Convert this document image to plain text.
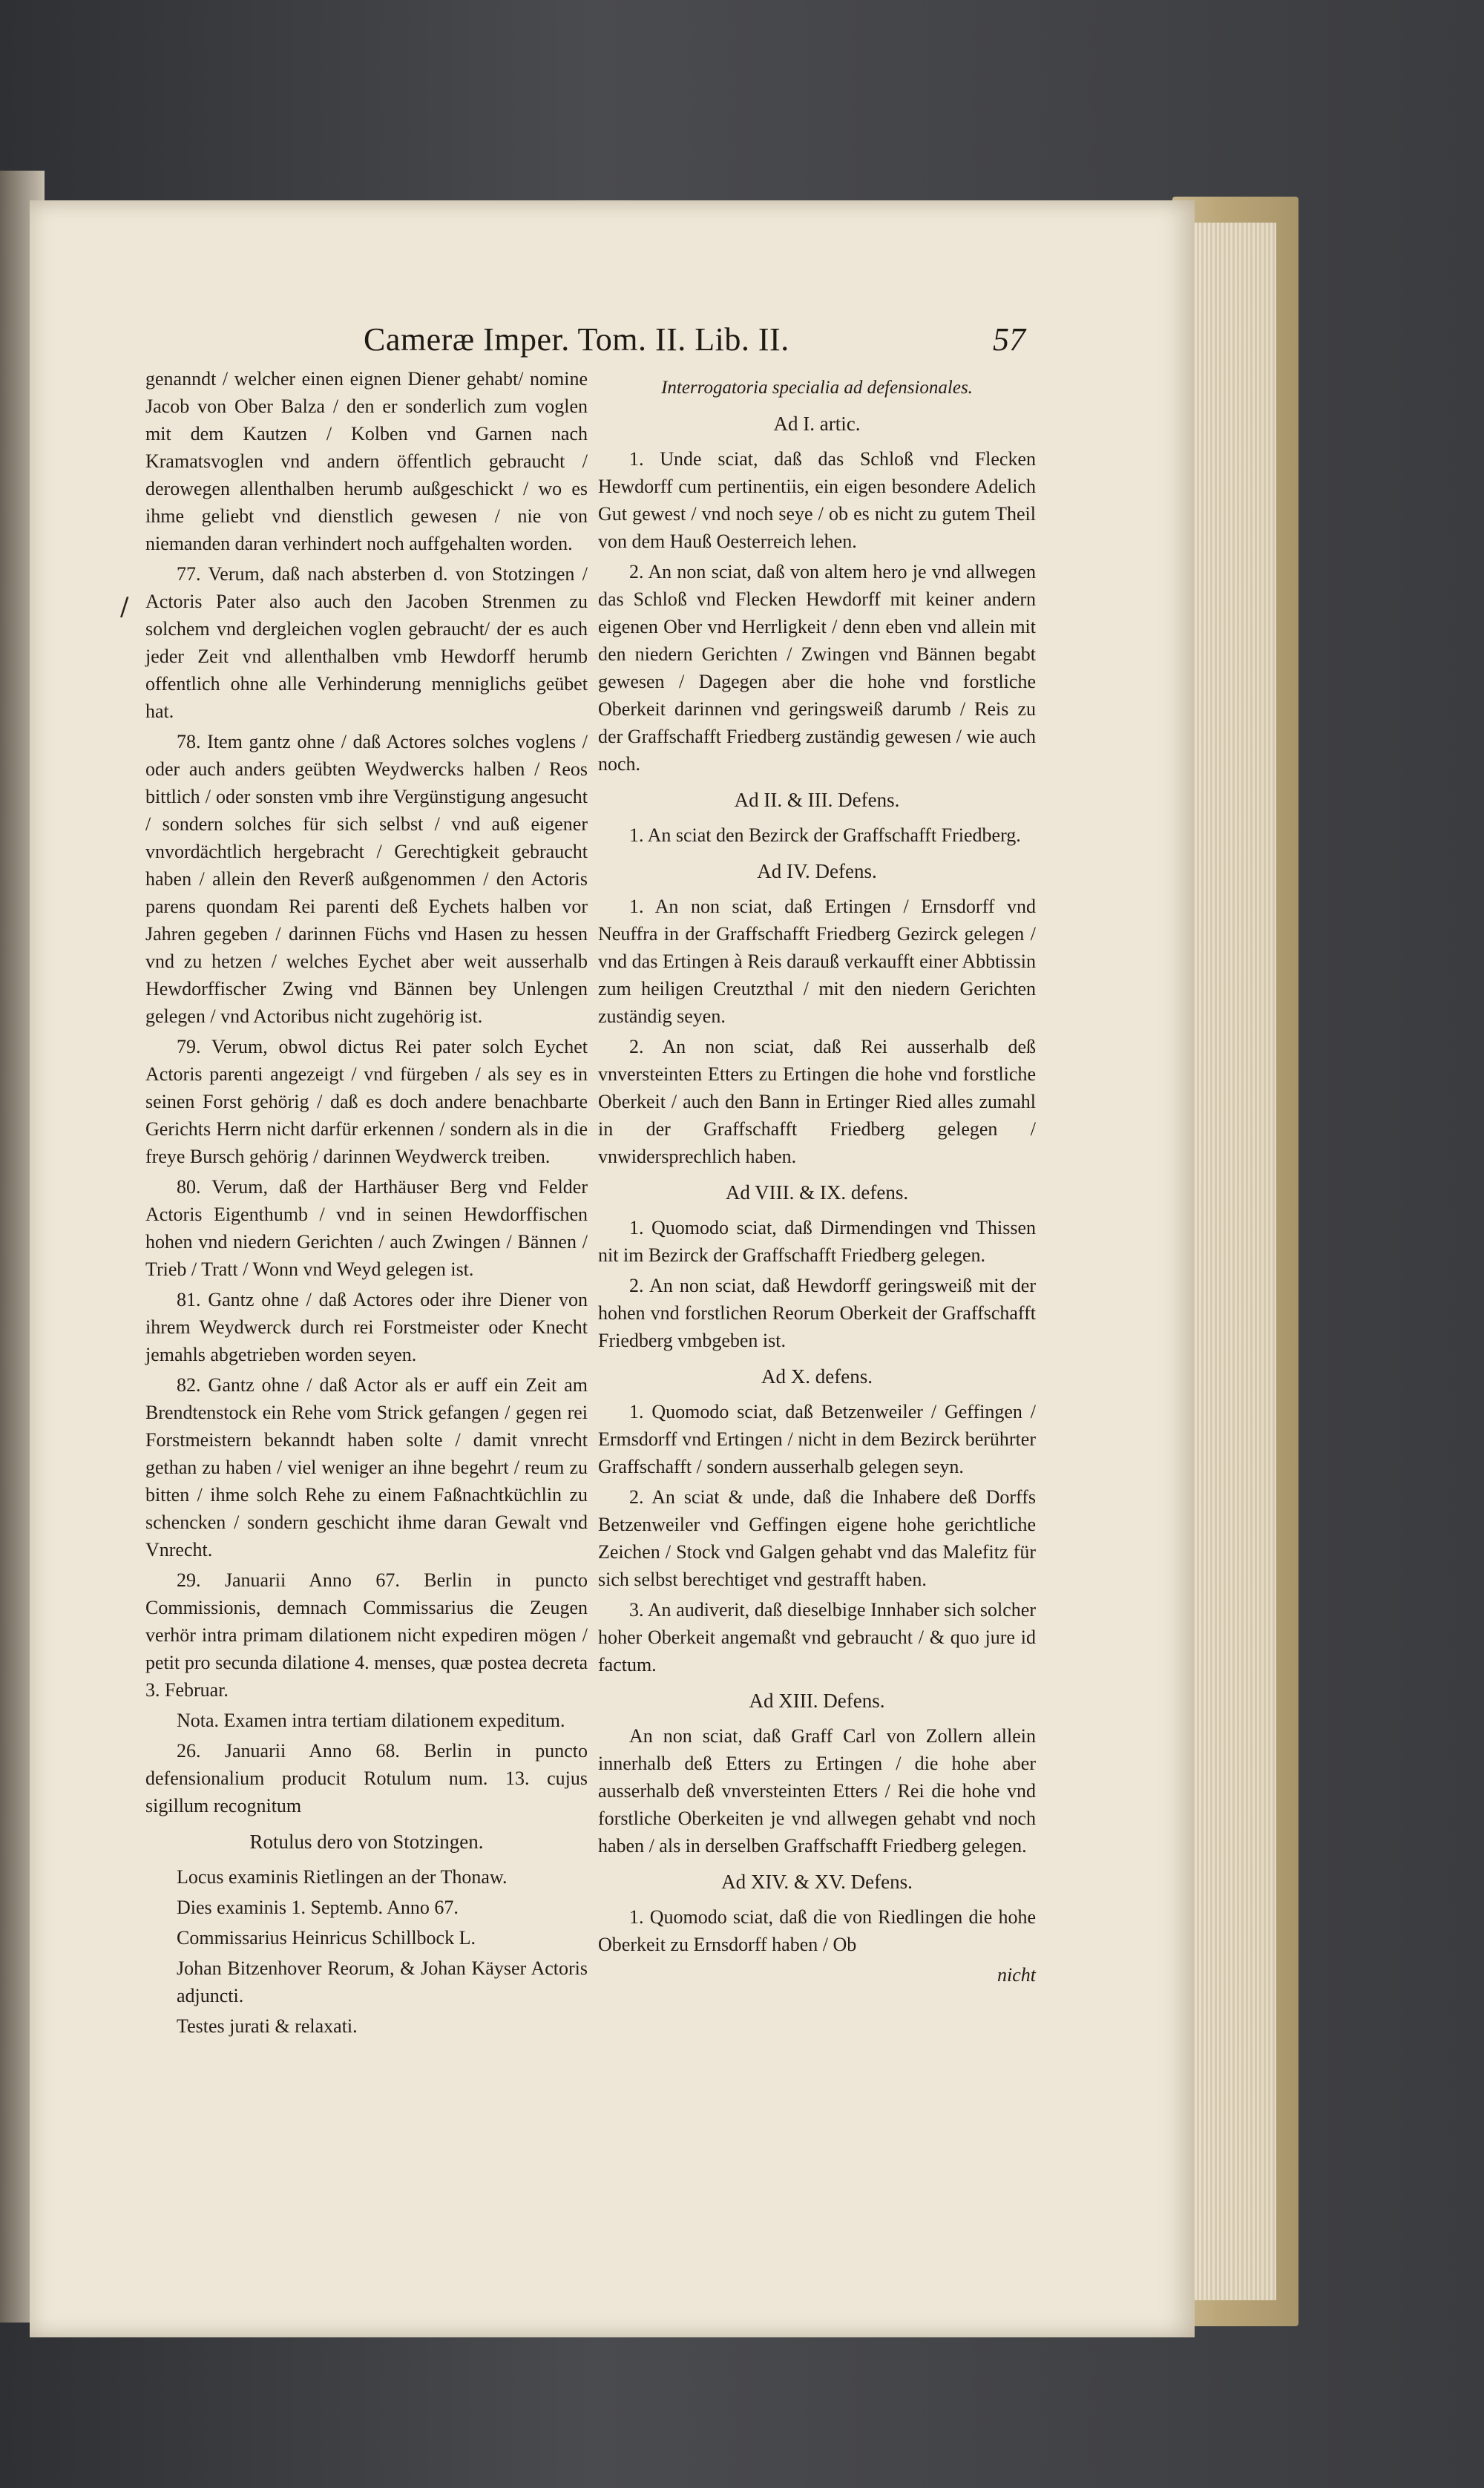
Cameræ Imper. Tom. II. Lib. II.	57
/

genanndt / welcher einen eignen Diener gehabt/ nomine Jacob von Ober Balza / den er sonderlich zum voglen mit dem Kautzen / Kolben vnd Garnen nach Kramatsvoglen vnd andern öffentlich gebraucht / derowegen allenthalben herumb außgeschickt / wo es ihme geliebt vnd dienstlich gewesen / nie von niemanden daran verhindert noch auffgehalten worden.

77. Verum, daß nach absterben d. von Stotzingen / Actoris Pater also auch den Jacoben Strenmen zu solchem vnd dergleichen voglen gebraucht/ der es auch jeder Zeit vnd allenthalben vmb Hewdorff herumb offentlich ohne alle Verhinderung menniglichs geübet hat.

78. Item gantz ohne / daß Actores solches voglens / oder auch anders geübten Weydwercks halben / Reos bittlich / oder sonsten vmb ihre Vergünstigung angesucht / sondern solches für sich selbst / vnd auß eigener vnvordächtlich hergebracht / Gerechtigkeit gebraucht haben / allein den Reverß außgenommen / den Actoris parens quondam Rei parenti deß Eychets halben vor Jahren gegeben / darinnen Füchs vnd Hasen zu hessen vnd zu hetzen / welches Eychet aber weit ausserhalb Hewdorffischer Zwing vnd Bännen bey Unlengen gelegen / vnd Actoribus nicht zugehörig ist.

79. Verum, obwol dictus Rei pater solch Eychet Actoris parenti angezeigt / vnd fürgeben / als sey es in seinen Forst gehörig / daß es doch andere benachbarte Gerichts Herrn nicht darfür erkennen / sondern als in die freye Bursch gehörig / darinnen Weydwerck treiben.

80. Verum, daß der Harthäuser Berg vnd Felder Actoris Eigenthumb / vnd in seinen Hewdorffischen hohen vnd niedern Gerichten / auch Zwingen / Bännen / Trieb / Tratt / Wonn vnd Weyd gelegen ist.

81. Gantz ohne / daß Actores oder ihre Diener von ihrem Weydwerck durch rei Forstmeister oder Knecht jemahls abgetrieben worden seyen.

82. Gantz ohne / daß Actor als er auff ein Zeit am Brendtenstock ein Rehe vom Strick gefangen / gegen rei Forstmeistern bekanndt haben solte / damit vnrecht gethan zu haben / viel weniger an ihne begehrt / reum zu bitten / ihme solch Rehe zu einem Faßnachtküchlin zu schencken / sondern geschicht ihme daran Gewalt vnd Vnrecht.

29. Januarii Anno 67. Berlin in puncto Commissionis, demnach Commissarius die Zeugen verhör intra primam dilationem nicht expediren mögen / petit pro secunda dilatione 4. menses, quæ postea decreta 3. Februar.

Nota. Examen intra tertiam dilationem expeditum.

26. Januarii Anno 68. Berlin in puncto defensionalium producit Rotulum num. 13. cujus sigillum recognitum

Rotulus dero von Stotzingen.

Locus examinis Rietlingen an der Thonaw.

Dies examinis 1. Septemb. Anno 67.

Commissarius Heinricus Schillbock L.

Johan Bitzenhover Reorum, & Johan Käyser Actoris adjuncti.

Testes jurati & relaxati.

Interrogatoria specialia ad defensionales.

Ad I. artic.

1. Unde sciat, daß das Schloß vnd Flecken Hewdorff cum pertinentiis, ein eigen besondere Adelich Gut gewest / vnd noch seye / ob es nicht zu gutem Theil von dem Hauß Oesterreich lehen.

2. An non sciat, daß von altem hero je vnd allwegen das Schloß vnd Flecken Hewdorff mit keiner andern eigenen Ober vnd Herrligkeit / denn eben vnd allein mit den niedern Gerichten / Zwingen vnd Bännen begabt gewesen / Dagegen aber die hohe vnd forstliche Oberkeit darinnen vnd geringsweiß darumb / Reis zu der Graffschafft Friedberg zuständig gewesen / wie auch noch.

Ad II. & III. Defens.

1. An sciat den Bezirck der Graffschafft Friedberg.

Ad IV. Defens.

1. An non sciat, daß Ertingen / Ernsdorff vnd Neuffra in der Graffschafft Friedberg Gezirck gelegen / vnd das Ertingen à Reis darauß verkaufft einer Abbtissin zum heiligen Creutzthal / mit den niedern Gerichten zuständig seyen.

2. An non sciat, daß Rei ausserhalb deß vnversteinten Etters zu Ertingen die hohe vnd forstliche Oberkeit / auch den Bann in Ertinger Ried alles zumahl in der Graffschafft Friedberg gelegen / vnwidersprechlich haben.

Ad VIII. & IX. defens.

1. Quomodo sciat, daß Dirmendingen vnd Thissen nit im Bezirck der Graffschafft Friedberg gelegen.

2. An non sciat, daß Hewdorff geringsweiß mit der hohen vnd forstlichen Reorum Oberkeit der Graffschafft Friedberg vmbgeben ist.

Ad X. defens.

1. Quomodo sciat, daß Betzenweiler / Geffingen / Ermsdorff vnd Ertingen / nicht in dem Bezirck berührter Graffschafft / sondern ausserhalb gelegen seyn.

2. An sciat & unde, daß die Inhabere deß Dorffs Betzenweiler vnd Geffingen eigene hohe gerichtliche Zeichen / Stock vnd Galgen gehabt vnd das Malefitz für sich selbst berechtiget vnd gestrafft haben.

3. An audiverit, daß dieselbige Innhaber sich solcher hoher Oberkeit angemaßt vnd gebraucht / & quo jure id factum.

Ad XIII. Defens.

An non sciat, daß Graff Carl von Zollern allein innerhalb deß Etters zu Ertingen / die hohe aber ausserhalb deß vnversteinten Etters / Rei die hohe vnd forstliche Oberkeiten je vnd allwegen gehabt vnd noch haben / als in derselben Graffschafft Friedberg gelegen.

Ad XIV. & XV. Defens.

1. Quomodo sciat, daß die von Riedlingen die hohe Oberkeit zu Ernsdorff haben / Ob

nicht
